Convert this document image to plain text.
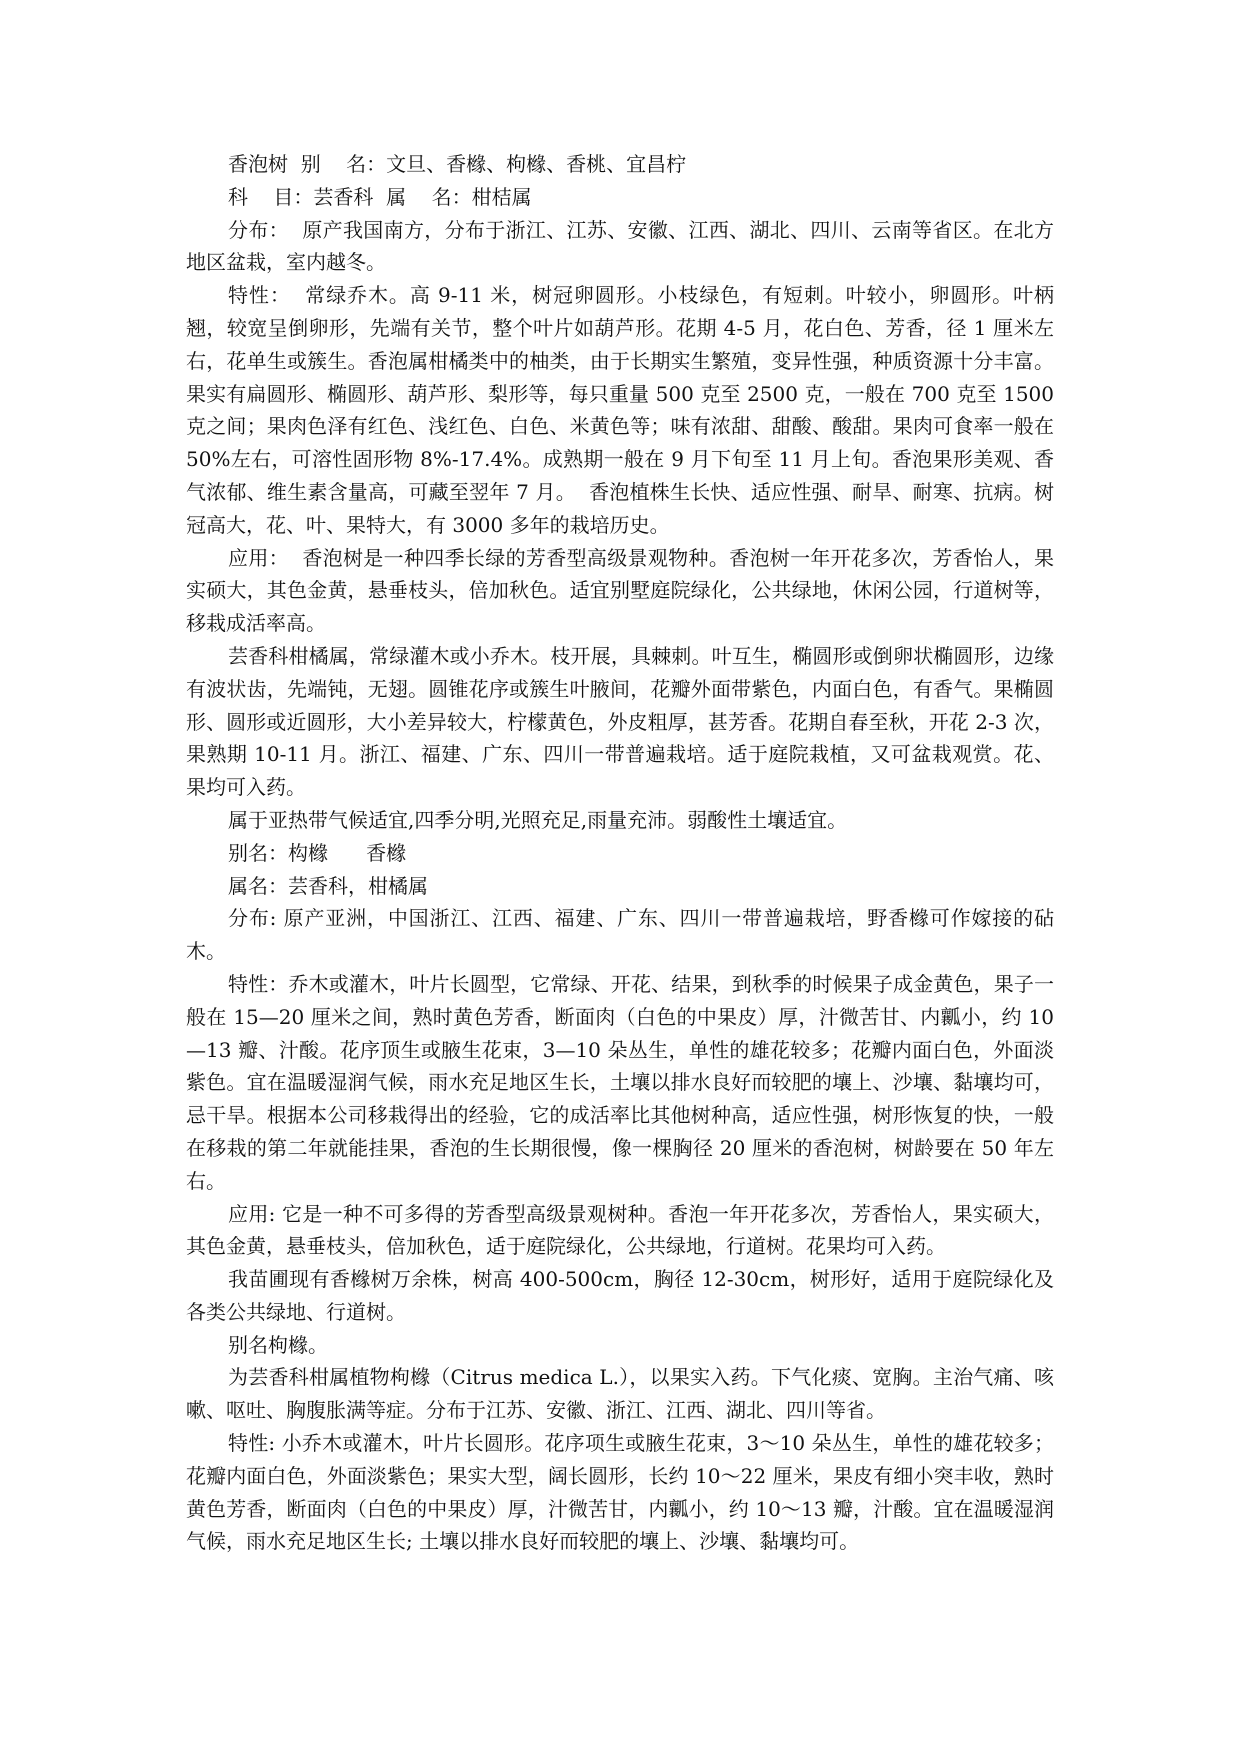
香泡树  别    名：文旦、香橼、枸橼、香桃、宜昌柠

科    目：芸香科  属    名：柑桔属

分布：  原产我国南方，分布于浙江、江苏、安徽、江西、湖北、四川、云南等省区。在北方地区盆栽，室内越冬。

特性：  常绿乔木。高 9-11 米，树冠卵圆形。小枝绿色，有短刺。叶较小，卵圆形。叶柄翘，较宽呈倒卵形，先端有关节，整个叶片如葫芦形。花期 4-5 月，花白色、芳香，径 1 厘米左右，花单生或簇生。香泡属柑橘类中的柚类，由于长期实生繁殖，变异性强，种质资源十分丰富。果实有扁圆形、椭圆形、葫芦形、梨形等，每只重量 500 克至 2500 克，一般在 700 克至 1500 克之间；果肉色泽有红色、浅红色、白色、米黄色等；味有浓甜、甜酸、酸甜。果肉可食率一般在 50%左右，可溶性固形物 8%-17.4%。成熟期一般在 9 月下旬至 11 月上旬。香泡果形美观、香气浓郁、维生素含量高，可藏至翌年 7 月。  香泡植株生长快、适应性强、耐旱、耐寒、抗病。树冠高大，花、叶、果特大，有 3000 多年的栽培历史。

应用：  香泡树是一种四季长绿的芳香型高级景观物种。香泡树一年开花多次，芳香怡人，果实硕大，其色金黄，悬垂枝头，倍加秋色。适宜别墅庭院绿化，公共绿地，休闲公园，行道树等，移栽成活率高。

芸香科柑橘属，常绿灌木或小乔木。枝开展，具棘刺。叶互生，椭圆形或倒卵状椭圆形，边缘有波状齿，先端钝，无翅。圆锥花序或簇生叶腋间，花瓣外面带紫色，内面白色，有香气。果椭圆形、圆形或近圆形，大小差异较大，柠檬黄色，外皮粗厚，甚芳香。花期自春至秋，开花 2-3 次，果熟期 10-11 月。浙江、福建、广东、四川一带普遍栽培。适于庭院栽植，又可盆栽观赏。花、果均可入药。

属于亚热带气候适宜,四季分明,光照充足,雨量充沛。弱酸性土壤适宜。

别名：构橼      香橼

属名：芸香科，柑橘属

分布: 原产亚洲，中国浙江、江西、福建、广东、四川一带普遍栽培，野香橼可作嫁接的砧木。

特性：乔木或灌木，叶片长圆型，它常绿、开花、结果，到秋季的时候果子成金黄色，果子一般在 15—20 厘米之间，熟时黄色芳香，断面肉（白色的中果皮）厚，汁微苦甘、内瓤小，约 10—13 瓣、汁酸。花序顶生或腋生花束，3—10 朵丛生，单性的雄花较多；花瓣内面白色，外面淡紫色。宜在温暖湿润气候，雨水充足地区生长，土壤以排水良好而较肥的壤上、沙壤、黏壤均可，忌干旱。根据本公司移栽得出的经验，它的成活率比其他树种高，适应性强，树形恢复的快，一般在移栽的第二年就能挂果，香泡的生长期很慢，像一棵胸径 20 厘米的香泡树，树龄要在 50 年左右。

应用: 它是一种不可多得的芳香型高级景观树种。香泡一年开花多次，芳香怡人，果实硕大，其色金黄，悬垂枝头，倍加秋色，适于庭院绿化，公共绿地，行道树。花果均可入药。

我苗圃现有香橼树万余株，树高 400-500cm，胸径 12-30cm，树形好，适用于庭院绿化及各类公共绿地、行道树。

别名枸橼。

为芸香科柑属植物枸橼（Citrus medica L.），以果实入药。下气化痰、宽胸。主治气痛、咳嗽、呕吐、胸腹胀满等症。分布于江苏、安徽、浙江、江西、湖北、四川等省。

特性: 小乔木或灌木，叶片长圆形。花序项生或腋生花束，3～10 朵丛生，单性的雄花较多；花瓣内面白色，外面淡紫色；果实大型，阔长圆形，长约 10～22 厘米，果皮有细小突丰收，熟时黄色芳香，断面肉（白色的中果皮）厚，汁微苦甘，内瓤小，约 10～13 瓣，汁酸。宜在温暖湿润气候，雨水充足地区生长; 土壤以排水良好而较肥的壤上、沙壤、黏壤均可。
